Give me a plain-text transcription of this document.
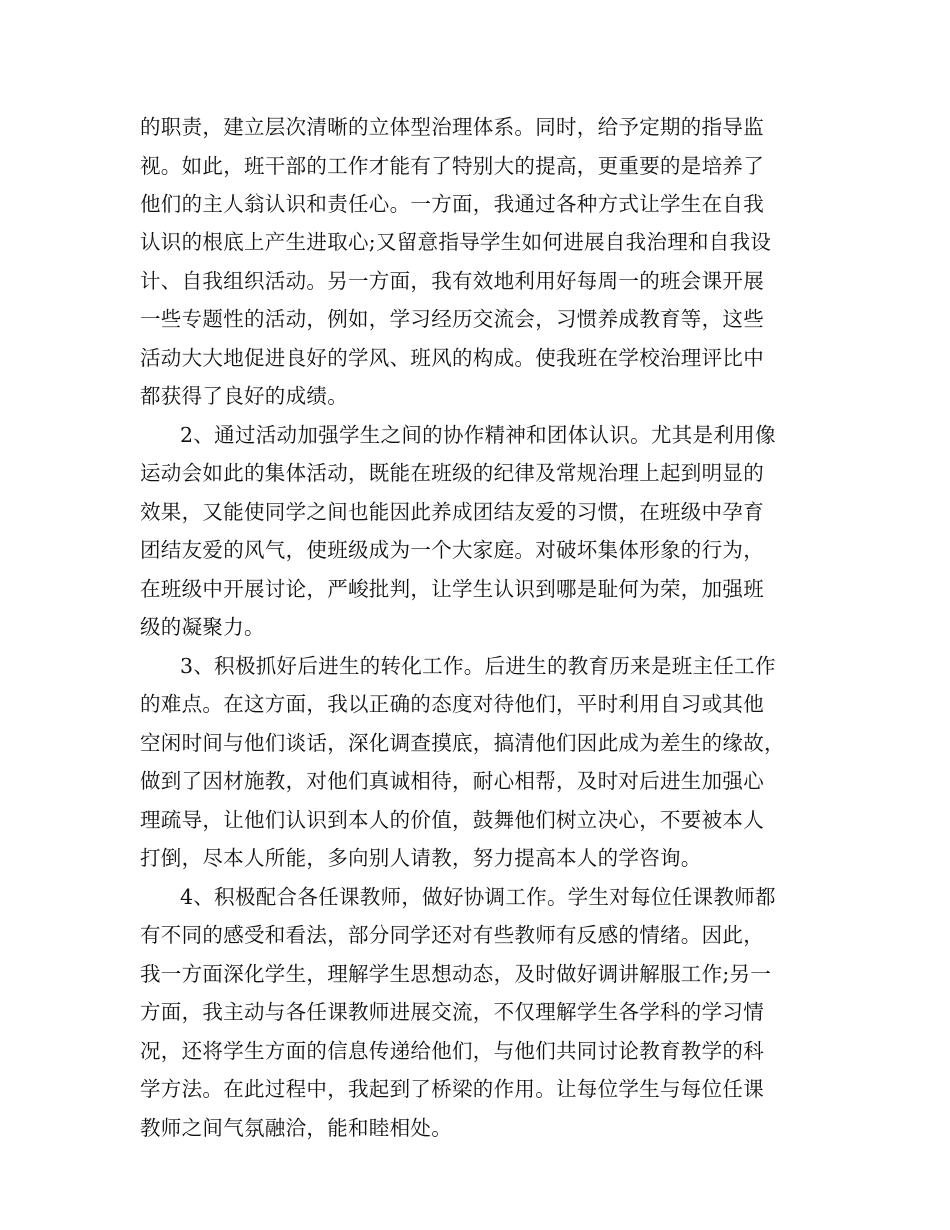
的职责，建立层次清晰的立体型治理体系。同时，给予定期的指导监
视。如此，班干部的工作才能有了特别大的提高，更重要的是培养了
他们的主人翁认识和责任心。一方面，我通过各种方式让学生在自我
认识的根底上产生进取心;又留意指导学生如何进展自我治理和自我设
计、自我组织活动。另一方面，我有效地利用好每周一的班会课开展
一些专题性的活动，例如，学习经历交流会，习惯养成教育等，这些
活动大大地促进良好的学风、班风的构成。使我班在学校治理评比中
都获得了良好的成绩。
2、通过活动加强学生之间的协作精神和团体认识。尤其是利用像
运动会如此的集体活动，既能在班级的纪律及常规治理上起到明显的
效果，又能使同学之间也能因此养成团结友爱的习惯，在班级中孕育
团结友爱的风气，使班级成为一个大家庭。对破坏集体形象的行为，
在班级中开展讨论，严峻批判，让学生认识到哪是耻何为荣，加强班
级的凝聚力。
3、积极抓好后进生的转化工作。后进生的教育历来是班主任工作
的难点。在这方面，我以正确的态度对待他们，平时利用自习或其他
空闲时间与他们谈话，深化调查摸底，搞清他们因此成为差生的缘故，
做到了因材施教，对他们真诚相待，耐心相帮，及时对后进生加强心
理疏导，让他们认识到本人的价值，鼓舞他们树立决心，不要被本人
打倒，尽本人所能，多向别人请教，努力提高本人的学咨询。
4、积极配合各任课教师，做好协调工作。学生对每位任课教师都
有不同的感受和看法，部分同学还对有些教师有反感的情绪。因此，
我一方面深化学生，理解学生思想动态，及时做好调讲解服工作;另一
方面，我主动与各任课教师进展交流，不仅理解学生各学科的学习情
况，还将学生方面的信息传递给他们，与他们共同讨论教育教学的科
学方法。在此过程中，我起到了桥梁的作用。让每位学生与每位任课
教师之间气氛融洽，能和睦相处。
